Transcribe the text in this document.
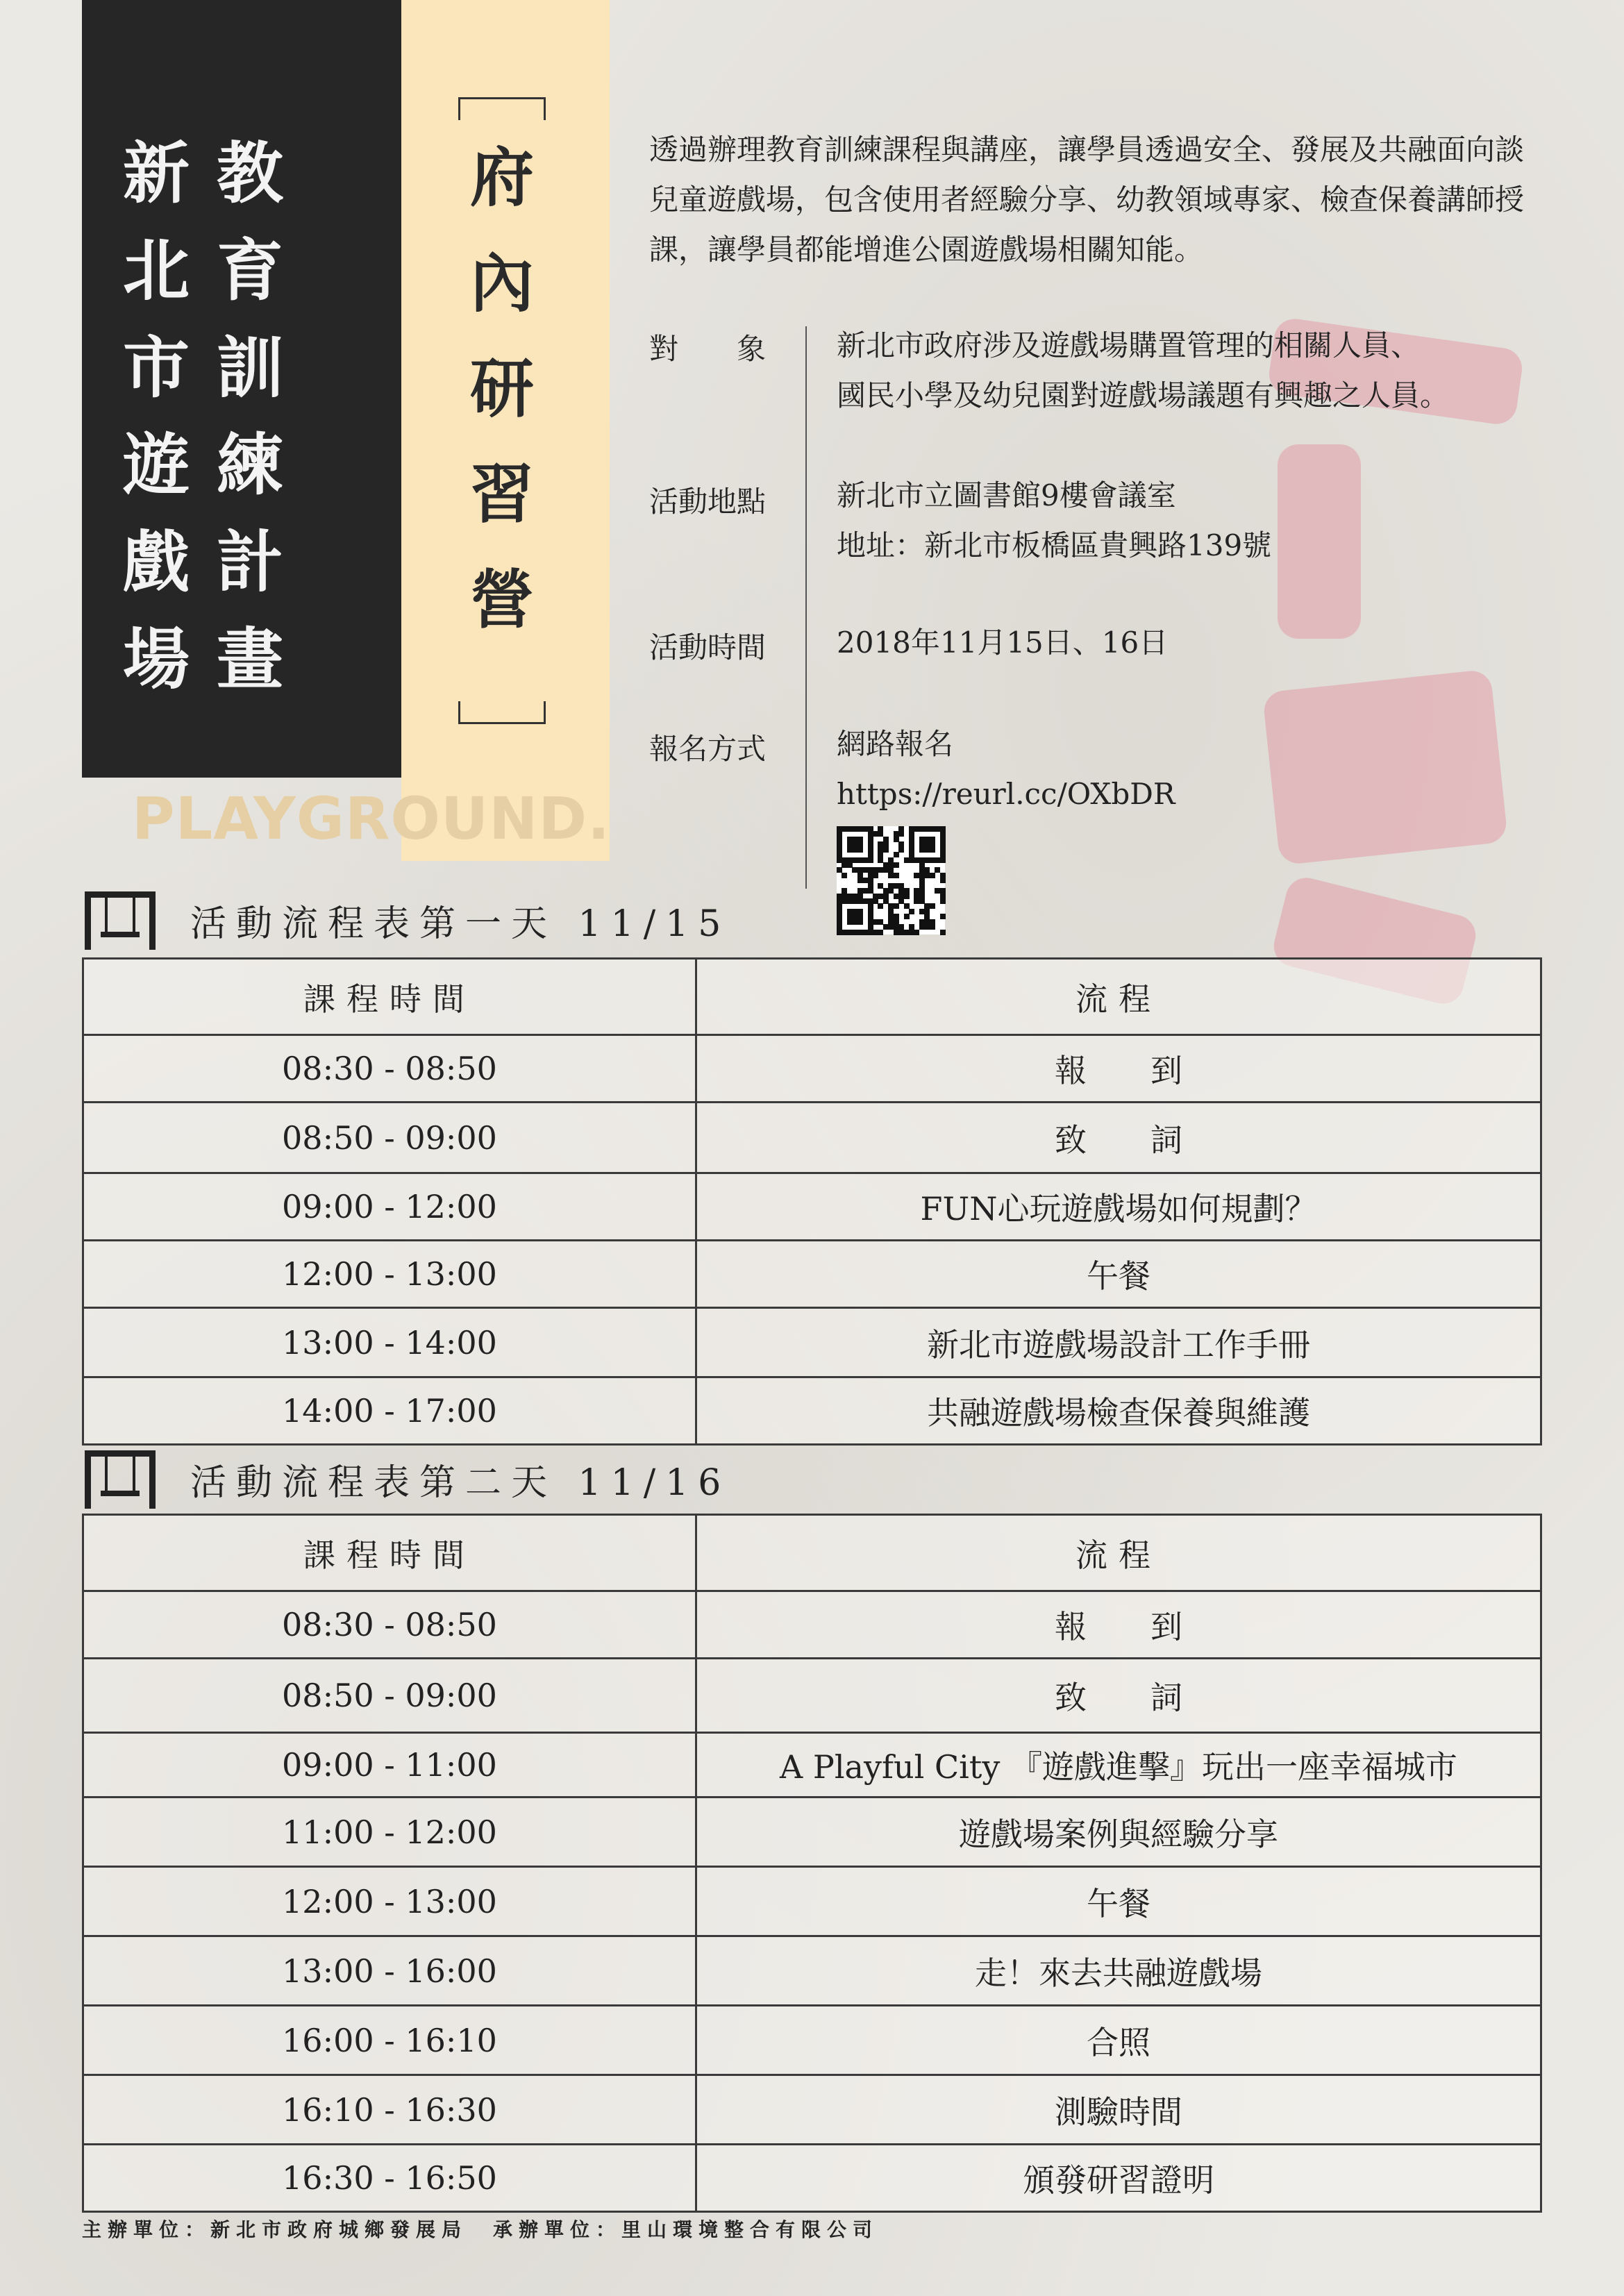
教
育
訓
練
計
畫
新
北
市
遊
戲
場
PLAYGROUND.
府
內
研
習
營
透過辦理教育訓練課程與講座，讓學員透過安全、發展及共融面向談兒童遊戲場，包含使用者經驗分享、幼教領域專家、檢查保養講師授課，讓學員都能增進公園遊戲場相關知能。
對　　象 新北市政府涉及遊戲場購置管理的相關人員、
國民小學及幼兒園對遊戲場議題有興趣之人員。
活動地點 新北市立圖書館9樓會議室
地址：新北市板橋區貴興路139號
活動時間 2018年11月15日、16日
報名方式 網路報名
https://reurl.cc/OXbDR
活動流程表第一天 11/15
課程時間	流程
08:30 - 08:50	報　　到
08:50 - 09:00	致　　詞
09:00 - 12:00	FUN心玩遊戲場如何規劃？
12:00 - 13:00	午餐
13:00 - 14:00	新北市遊戲場設計工作手冊
14:00 - 17:00	共融遊戲場檢查保養與維護
活動流程表第二天 11/16
課程時間	流程
08:30 - 08:50	報　　到
08:50 - 09:00	致　　詞
09:00 - 11:00	A Playful City 『遊戲進擊』玩出一座幸福城市
11:00 - 12:00	遊戲場案例與經驗分享
12:00 - 13:00	午餐
13:00 - 16:00	走！來去共融遊戲場
16:00 - 16:10	合照
16:10 - 16:30	測驗時間
16:30 - 16:50	頒發研習證明
主辦單位：新北市政府城鄉發展局　承辦單位：里山環境整合有限公司
